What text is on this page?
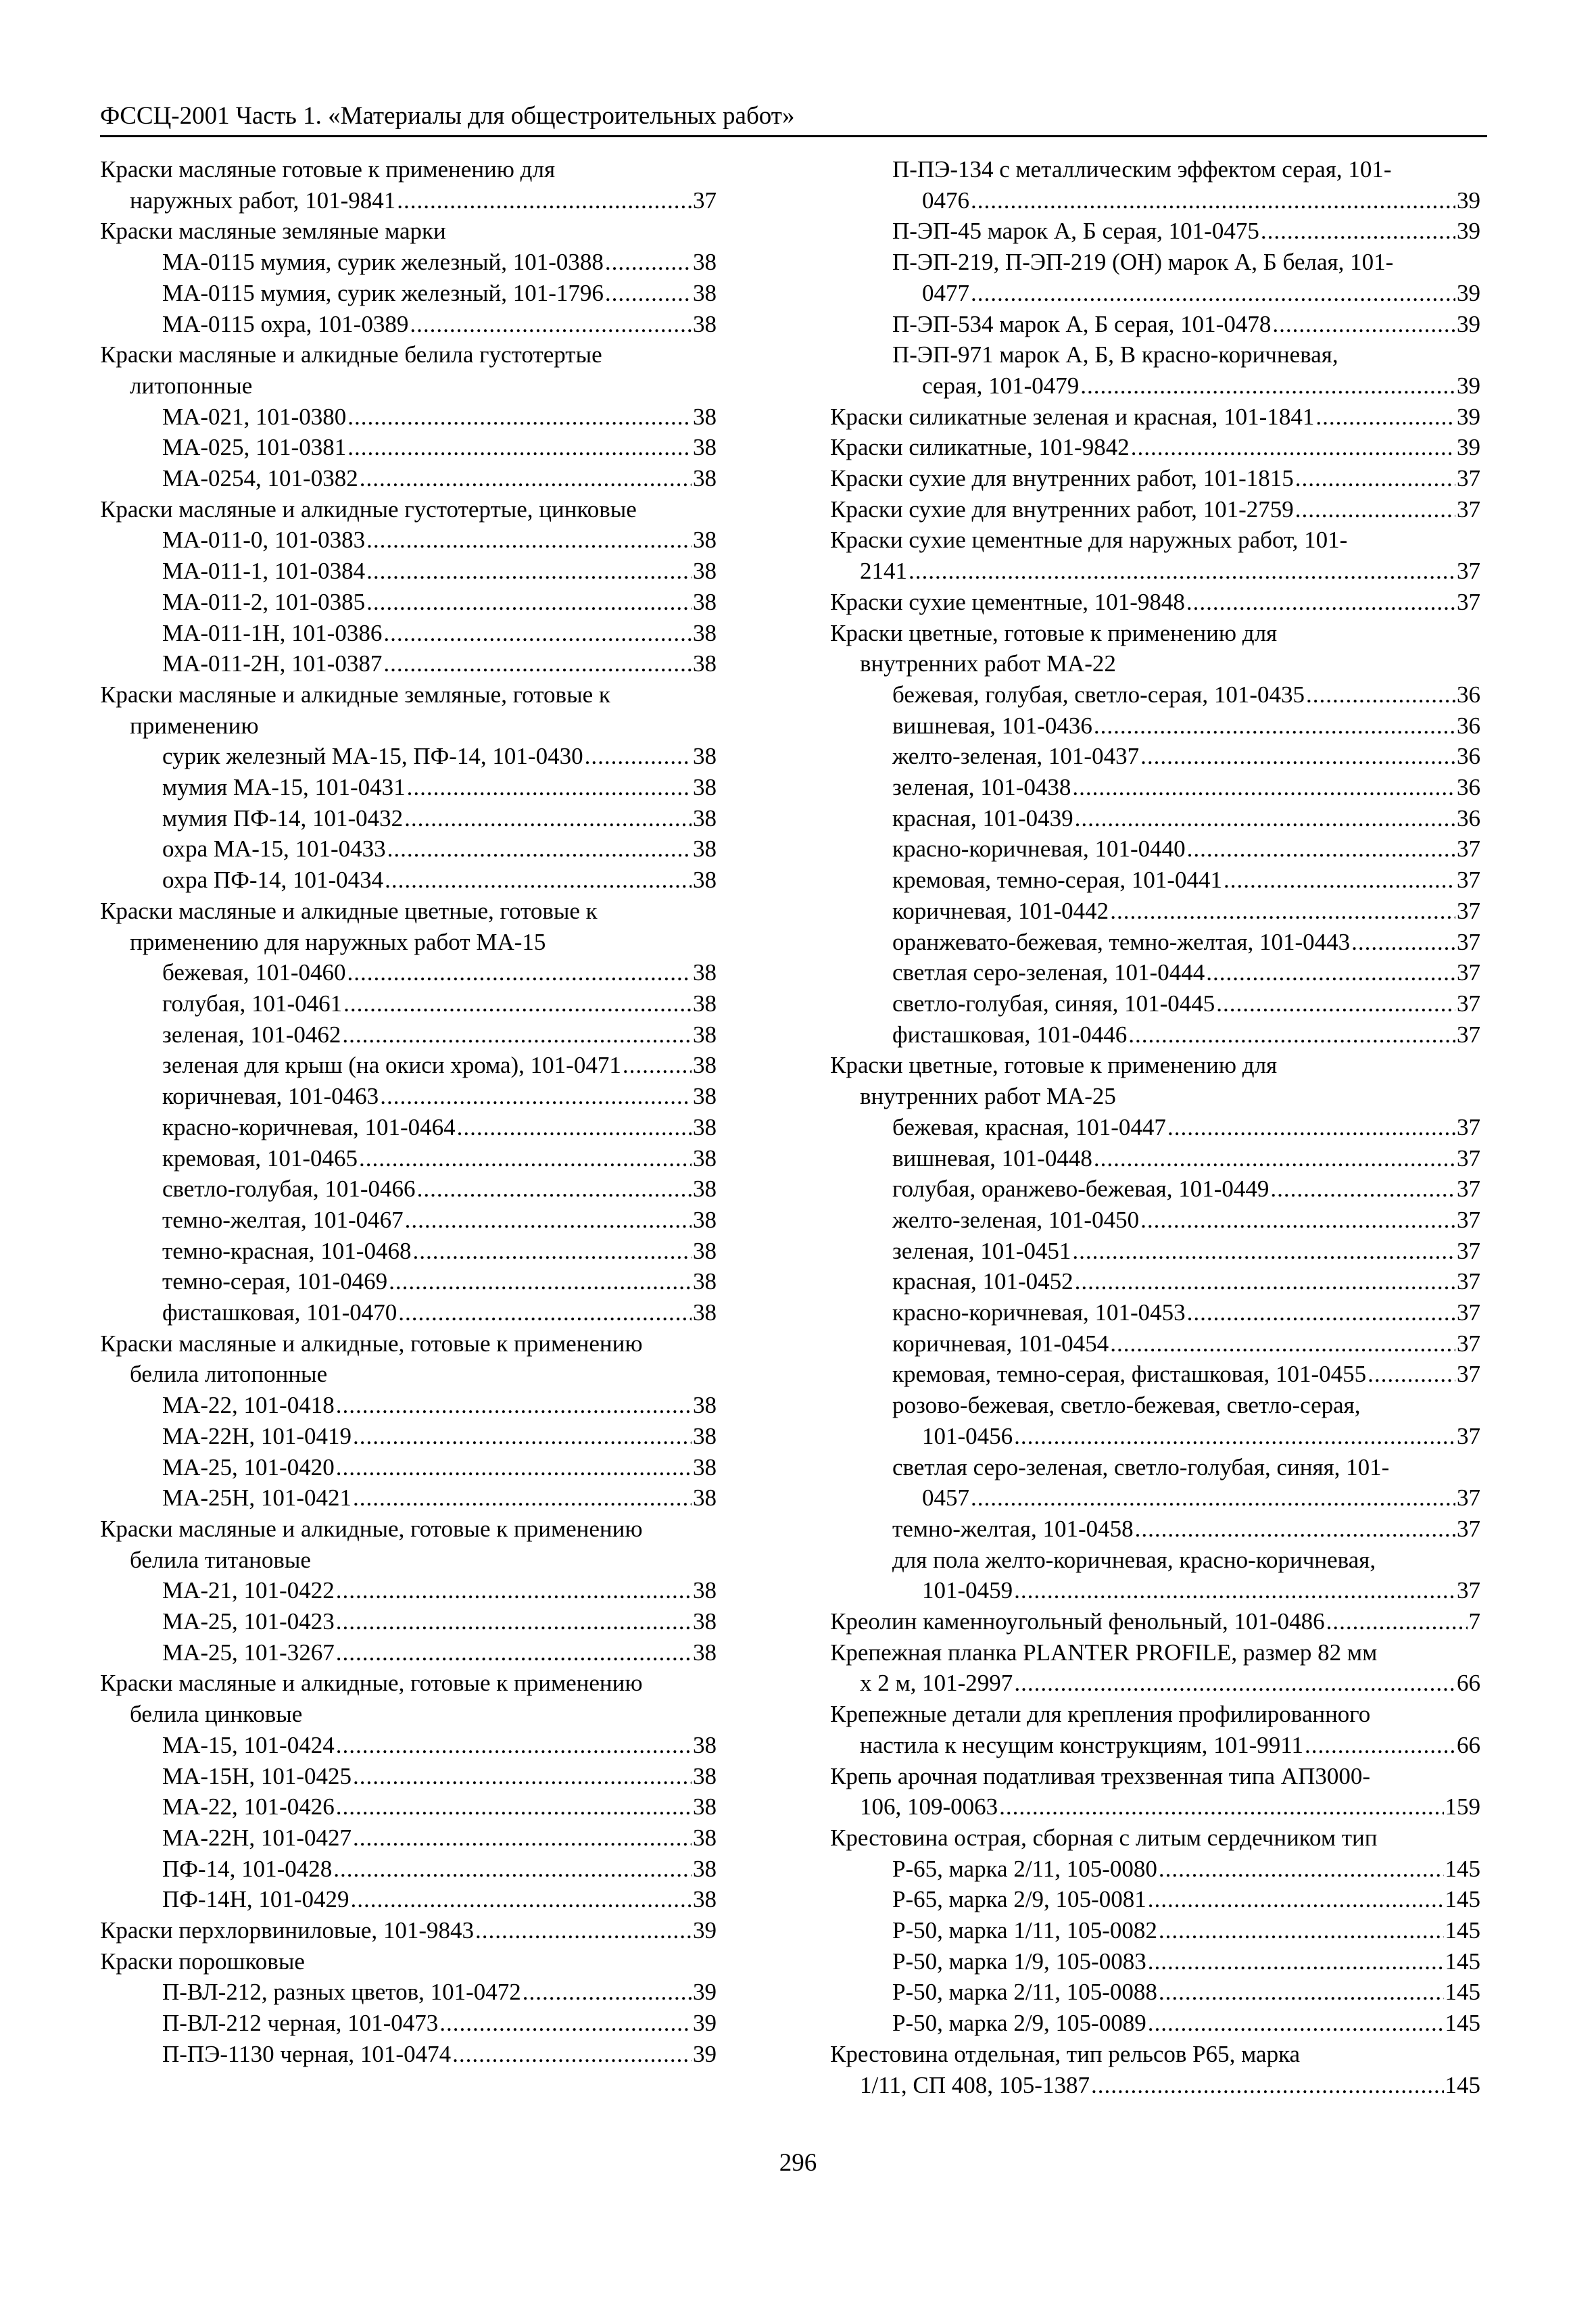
ФССЦ-2001 Часть 1. «Материалы для общестроительных работ»
Краски масляные готовые к применению для
наружных работ, 101-9841 .....	37
Краски масляные земляные марки
МА-0115 мумия, сурик железный, 101-0388 .....	38
МА-0115 мумия, сурик железный, 101-1796 .....	38
МА-0115 охра, 101-0389 .....	38
Краски масляные и алкидные белила густотертые
литопонные
МА-021, 101-0380 .....	38
МА-025, 101-0381 .....	38
МА-0254, 101-0382 .....	38
Краски масляные и алкидные густотертые, цинковые
МА-011-0, 101-0383 .....	38
МА-011-1, 101-0384 .....	38
МА-011-2, 101-0385 .....	38
МА-011-1Н, 101-0386 .....	38
МА-011-2Н, 101-0387 .....	38
Краски масляные и алкидные земляные, готовые к
применению
сурик железный МА-15, ПФ-14, 101-0430 .....	38
мумия МА-15, 101-0431 .....	38
мумия ПФ-14, 101-0432 .....	38
охра МА-15, 101-0433 .....	38
охра ПФ-14, 101-0434 .....	38
Краски масляные и алкидные цветные, готовые к
применению для наружных работ МА-15
бежевая, 101-0460 .....	38
голубая, 101-0461 .....	38
зеленая, 101-0462 .....	38
зеленая для крыш (на окиси хрома), 101-0471 .....	38
коричневая, 101-0463 .....	38
красно-коричневая, 101-0464 .....	38
кремовая, 101-0465 .....	38
светло-голубая, 101-0466 .....	38
темно-желтая, 101-0467 .....	38
темно-красная, 101-0468 .....	38
темно-серая, 101-0469 .....	38
фисташковая, 101-0470 .....	38
Краски масляные и алкидные, готовые к применению
белила литопонные
МА-22, 101-0418 .....	38
МА-22Н, 101-0419 .....	38
МА-25, 101-0420 .....	38
МА-25Н, 101-0421 .....	38
Краски масляные и алкидные, готовые к применению
белила титановые
МА-21, 101-0422 .....	38
МА-25, 101-0423 .....	38
МА-25, 101-3267 .....	38
Краски масляные и алкидные, готовые к применению
белила цинковые
МА-15, 101-0424 .....	38
МА-15Н, 101-0425 .....	38
МА-22, 101-0426 .....	38
МА-22Н, 101-0427 .....	38
ПФ-14, 101-0428 .....	38
ПФ-14Н, 101-0429 .....	38
Краски перхлорвиниловые, 101-9843 .....	39
Краски порошковые
П-ВЛ-212, разных цветов, 101-0472 .....	39
П-ВЛ-212 черная, 101-0473 .....	39
П-ПЭ-1130 черная, 101-0474 .....	39
П-ПЭ-134 с металлическим эффектом серая, 101-
0476 .....	39
П-ЭП-45 марок А, Б серая, 101-0475 .....	39
П-ЭП-219, П-ЭП-219 (ОН) марок А, Б белая, 101-
0477 .....	39
П-ЭП-534 марок А, Б серая, 101-0478 .....	39
П-ЭП-971 марок А, Б, В красно-коричневая,
серая, 101-0479 .....	39
Краски силикатные зеленая и красная, 101-1841 .....	39
Краски силикатные, 101-9842 .....	39
Краски сухие для внутренних работ, 101-1815 .....	37
Краски сухие для внутренних работ, 101-2759 .....	37
Краски сухие цементные для наружных работ, 101-
2141 .....	37
Краски сухие цементные, 101-9848 .....	37
Краски цветные, готовые к применению для
внутренних работ МА-22
бежевая, голубая, светло-серая, 101-0435 .....	36
вишневая, 101-0436 .....	36
желто-зеленая, 101-0437 .....	36
зеленая, 101-0438 .....	36
красная, 101-0439 .....	36
красно-коричневая, 101-0440 .....	37
кремовая, темно-серая, 101-0441 .....	37
коричневая, 101-0442 .....	37
оранжевато-бежевая, темно-желтая, 101-0443 .....	37
светлая серо-зеленая, 101-0444 .....	37
светло-голубая, синяя, 101-0445 .....	37
фисташковая, 101-0446 .....	37
Краски цветные, готовые к применению для
внутренних работ МА-25
бежевая, красная, 101-0447 .....	37
вишневая, 101-0448 .....	37
голубая, оранжево-бежевая, 101-0449 .....	37
желто-зеленая, 101-0450 .....	37
зеленая, 101-0451 .....	37
красная, 101-0452 .....	37
красно-коричневая, 101-0453 .....	37
коричневая, 101-0454 .....	37
кремовая, темно-серая, фисташковая, 101-0455 .....	37
розово-бежевая, светло-бежевая, светло-серая,
101-0456 .....	37
светлая серо-зеленая, светло-голубая, синяя, 101-
0457 .....	37
темно-желтая, 101-0458 .....	37
для пола желто-коричневая, красно-коричневая,
101-0459 .....	37
Креолин каменноугольный фенольный, 101-0486 .....	7
Крепежная планка PLANTER PROFILE, размер 82 мм
х 2 м, 101-2997 .....	66
Крепежные детали для крепления профилированного
настила к несущим конструкциям, 101-9911 .....	66
Крепь арочная податливая трехзвенная типа АП3000-
106, 109-0063 .....	159
Крестовина острая, сборная с литым сердечником тип
Р-65, марка 2/11, 105-0080 .....	145
Р-65, марка 2/9, 105-0081 .....	145
Р-50, марка 1/11, 105-0082 .....	145
Р-50, марка 1/9, 105-0083 .....	145
Р-50, марка 2/11, 105-0088 .....	145
Р-50, марка 2/9, 105-0089 .....	145
Крестовина отдельная, тип рельсов Р65, марка
1/11, СП 408, 105-1387 .....	145
296
